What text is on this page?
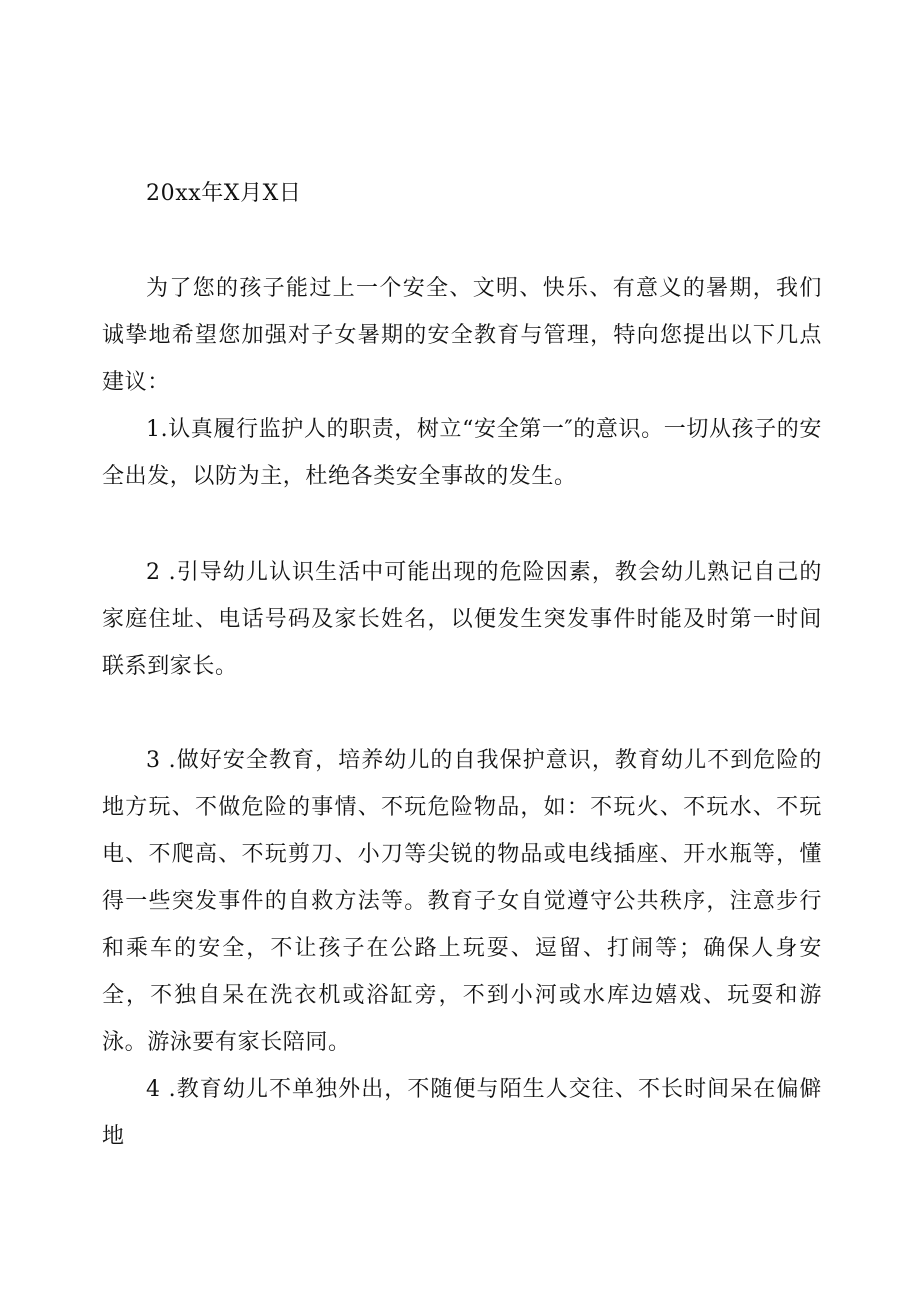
20xx年X月X日

为了您的孩子能过上一个安全、文明、快乐、有意义的暑期，我们诚挚地希望您加强对子女暑期的安全教育与管理，特向您提出以下几点建议：

1.认真履行监护人的职责，树立“安全第一″的意识。一切从孩子的安全出发，以防为主，杜绝各类安全事故的发生。

2 .引导幼儿认识生活中可能出现的危险因素，教会幼儿熟记自己的家庭住址、电话号码及家长姓名，以便发生突发事件时能及时第一时间联系到家长。

3 .做好安全教育，培养幼儿的自我保护意识，教育幼儿不到危险的地方玩、不做危险的事情、不玩危险物品，如：不玩火、不玩水、不玩电、不爬高、不玩剪刀、小刀等尖锐的物品或电线插座、开水瓶等，懂得一些突发事件的自救方法等。教育子女自觉遵守公共秩序，注意步行和乘车的安全，不让孩子在公路上玩耍、逗留、打闹等；确保人身安全，不独自呆在洗衣机或浴缸旁，不到小河或水库边嬉戏、玩耍和游泳。游泳要有家长陪同。

4 .教育幼儿不单独外出，不随便与陌生人交往、不长时间呆在偏僻地
